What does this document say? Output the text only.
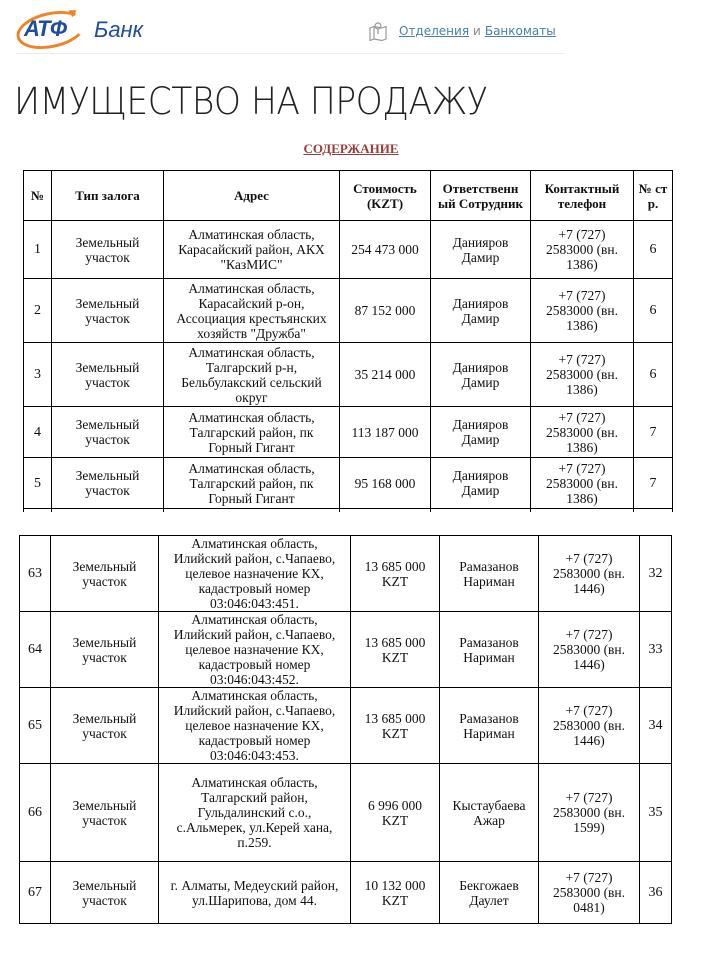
АТФ Банк	Отделения и Банкоматы
ИМУЩЕСТВО НА ПРОДАЖУ
СОДЕРЖАНИЕ
№	Тип залога	Адрес	Стоимость (KZT)	Ответственн ый Сотрудник	Контактный телефон	№ ст р.
1	Земельный участок	Алматинская область, Карасайский район, АКХ "КазМИС"	254 473 000	Данияров Дамир	+7 (727) 2583000 (вн. 1386)	6
2	Земельный участок	Алматинская область, Карасайский р-он, Ассоциация крестьянских хозяйств "Дружба"	87 152 000	Данияров Дамир	+7 (727) 2583000 (вн. 1386)	6
3	Земельный участок	Алматинская область, Талгарский р-н, Бельбулакский сельский округ	35 214 000	Данияров Дамир	+7 (727) 2583000 (вн. 1386)	6
4	Земельный участок	Алматинская область, Талгарский район, пк Горный Гигант	113 187 000	Данияров Дамир	+7 (727) 2583000 (вн. 1386)	7
5	Земельный участок	Алматинская область, Талгарский район, пк Горный Гигант	95 168 000	Данияров Дамир	+7 (727) 2583000 (вн. 1386)	7

63	Земельный участок	Алматинская область, Илийский район, с.Чапаево, целевое назначение КХ, кадастровый номер 03:046:043:451.	13 685 000 KZT	Рамазанов Нариман	+7 (727) 2583000 (вн. 1446)	32
64	Земельный участок	Алматинская область, Илийский район, с.Чапаево, целевое назначение КХ, кадастровый номер 03:046:043:452.	13 685 000 KZT	Рамазанов Нариман	+7 (727) 2583000 (вн. 1446)	33
65	Земельный участок	Алматинская область, Илийский район, с.Чапаево, целевое назначение КХ, кадастровый номер 03:046:043:453.	13 685 000 KZT	Рамазанов Нариман	+7 (727) 2583000 (вн. 1446)	34
66	Земельный участок	Алматинская область, Талгарский район, Гульдалинский с.о., с.Альмерек, ул.Керей хана, п.259.	6 996 000 KZT	Кыстаубаева Ажар	+7 (727) 2583000 (вн. 1599)	35
67	Земельный участок	г. Алматы, Медеуский район, ул.Шарипова, дом 44.	10 132 000 KZT	Бекгожаев Даулет	+7 (727) 2583000 (вн. 0481)	36
